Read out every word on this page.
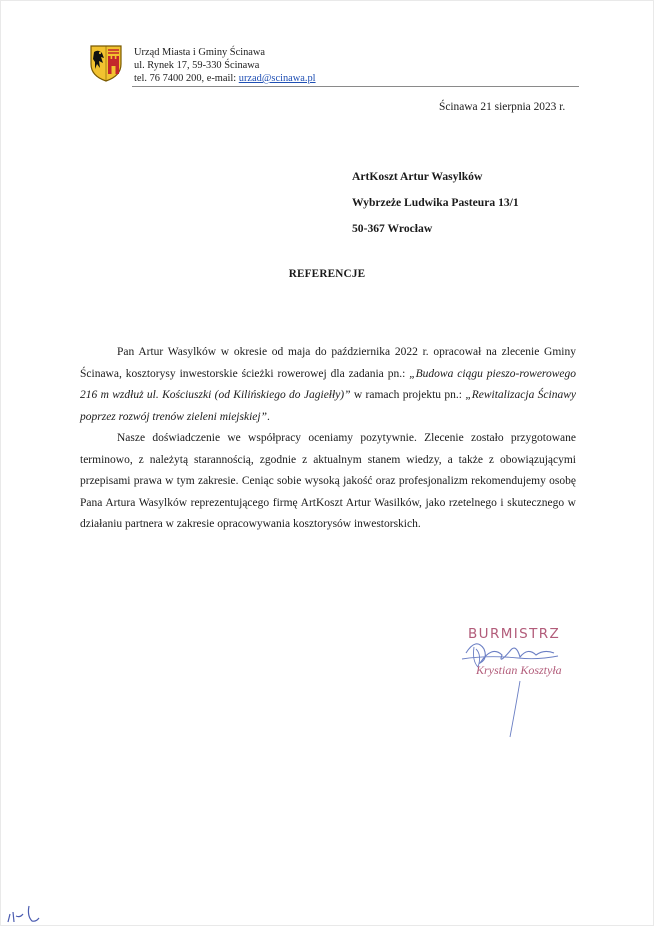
Urząd Miasta i Gminy Ścinawa
ul. Rynek 17, 59-330 Ścinawa
tel. 76 7400 200, e-mail: urzad@scinawa.pl
Ścinawa 21 sierpnia 2023 r.
ArtKoszt Artur Wasylków
Wybrzeże Ludwika Pasteura 13/1
50-367 Wrocław
REFERENCJE

Pan Artur Wasylków w okresie od maja do października 2022 r. opracował na zlecenie Gminy Ścinawa, kosztorysy inwestorskie ścieżki rowerowej dla zadania pn.: „Budowa ciągu pieszo-rowerowego 216 m wzdłuż ul. Kościuszki (od Kilińskiego do Jagiełły)” w ramach projektu pn.: „Rewitalizacja Ścinawy poprzez rozwój trenów zieleni miejskiej”.

Nasze doświadczenie we współpracy oceniamy pozytywnie. Zlecenie zostało przygotowane terminowo, z należytą starannością, zgodnie z aktualnym stanem wiedzy, a także z obowiązującymi przepisami prawa w tym zakresie. Ceniąc sobie wysoką jakość oraz profesjonalizm rekomendujemy osobę Pana Artura Wasylków reprezentującego firmę ArtKoszt Artur Wasilków, jako rzetelnego i skutecznego w działaniu partnera w zakresie opracowywania kosztorysów inwestorskich.

BURMISTRZ
Krystian Kosztyła
